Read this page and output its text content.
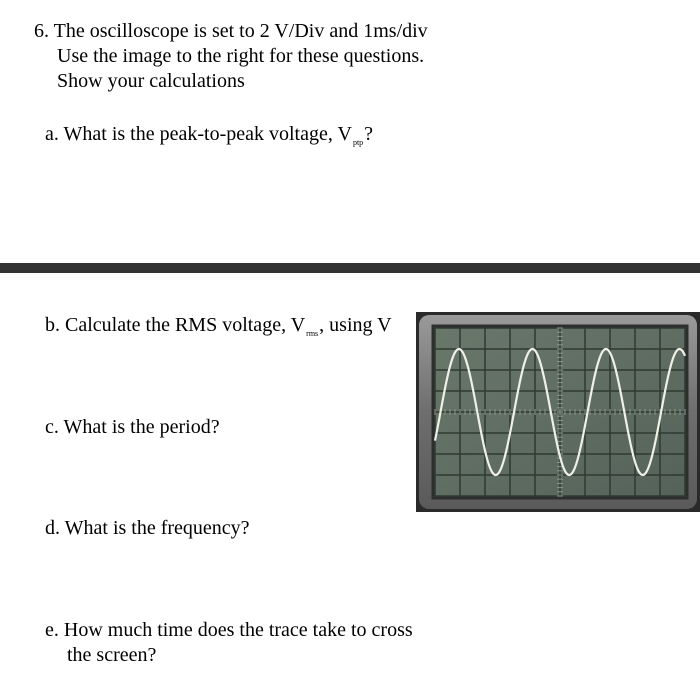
6. The oscilloscope is set to 2 V/Div and 1ms/div
Use the image to the right for these questions.
Show your calculations
a. What is the peak-to-peak voltage, $V_{ptp}$?
b. Calculate the RMS voltage, $V_{rms}$, using V
c. What is the period?
d. What is the frequency?
e. How much time does the trace take to cross
the screen?
